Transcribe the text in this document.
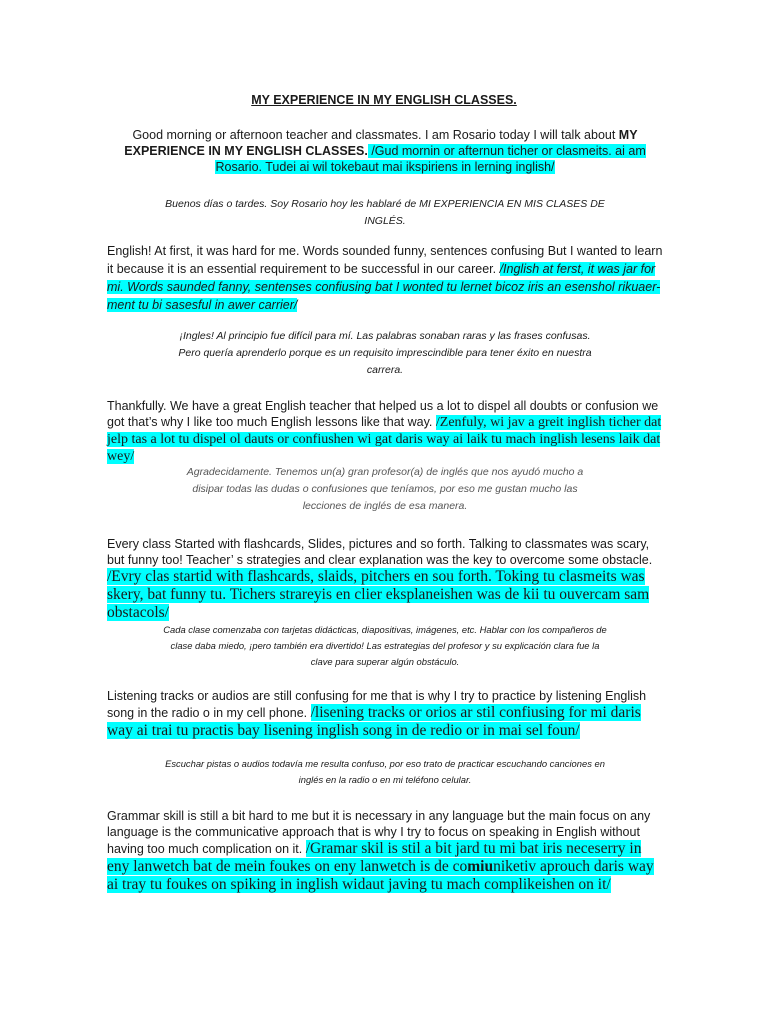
MY EXPERIENCE IN MY ENGLISH CLASSES.
Good morning or afternoon teacher and classmates. I am Rosario today I will talk about MY EXPERIENCE IN MY ENGLISH CLASSES. /Gud mornin or afternun ticher or clasmeits. ai am Rosario. Tudei ai wil tokebaut mai ikspiriens in lerning inglish/
Buenos días o tardes. Soy Rosario hoy les hablaré de MI EXPERIENCIA EN MIS CLASES DE INGLÉS.
English! At first, it was hard for me. Words sounded funny, sentences confusing But I wanted to learn it because it is an essential requirement to be successful in our career. /Inglish at ferst, it was jar for mi. Words saunded fanny, sentenses confiusing bat I wonted tu lernet bicoz iris an esenshol rikuaer-ment tu bi sasesful in awer carrier/
¡Ingles! Al principio fue difícil para mí. Las palabras sonaban raras y las frases confusas. Pero quería aprenderlo porque es un requisito imprescindible para tener éxito en nuestra carrera.
Thankfully. We have a great English teacher that helped us a lot to dispel all doubts or confusion we got that’s why I like too much English lessons like that way. /Zenfuly, wi jav a greit inglish ticher dat jelp tas a lot tu dispel ol dauts or confiushen wi gat daris way ai laik tu mach inglish lesens laik dat wey/
Agradecidamente. Tenemos un(a) gran profesor(a) de inglés que nos ayudó mucho a disipar todas las dudas o confusiones que teníamos, por eso me gustan mucho las lecciones de inglés de esa manera.
Every class Started with flashcards, Slides, pictures and so forth. Talking to classmates was scary, but funny too! Teacher’ s strategies and clear explanation was the key to overcome some obstacle. /Evry clas startid with flashcards, slaids, pitchers en sou forth. Toking tu clasmeits was skery, bat funny tu. Tichers strareyis en clier eksplaneishen was de kii tu ouvercam sam obstacols/
Cada clase comenzaba con tarjetas didácticas, diapositivas, imágenes, etc. Hablar con los compañeros de clase daba miedo, ¡pero también era divertido! Las estrategias del profesor y su explicación clara fue la clave para superar algún obstáculo.
Listening tracks or audios are still confusing for me that is why I try to practice by listening English song in the radio o in my cell phone. /lisening tracks or orios ar stil confiusing for mi daris way ai trai tu practis bay lisening inglish song in de redio or in mai sel foun/
Escuchar pistas o audios todavía me resulta confuso, por eso trato de practicar escuchando canciones en inglés en la radio o en mi teléfono celular.
Grammar skill is still a bit hard to me but it is necessary in any language but the main focus on any language is the communicative approach that is why I try to focus on speaking in English without having too much complication on it. /Gramar skil is stil a bit jard tu mi bat iris neceserry in eny lanwetch bat de mein foukes on eny lanwetch is de comiuniketiv aprouch daris way ai tray tu foukes on spiking in inglish widaut javing tu mach complikeishen on it/
